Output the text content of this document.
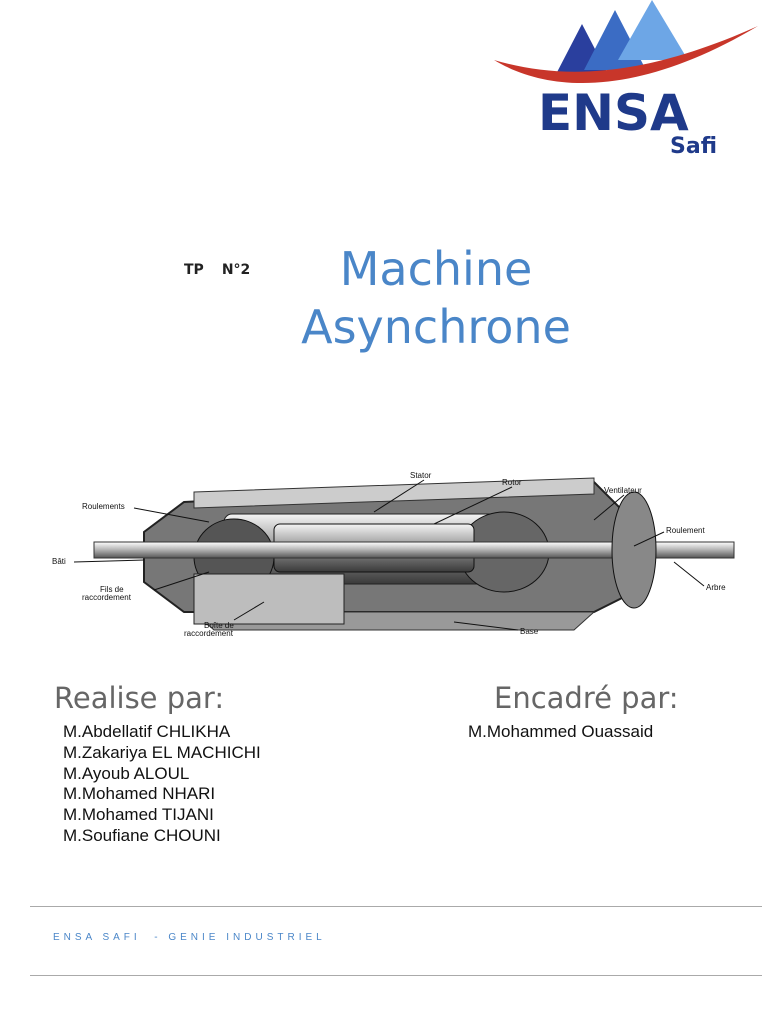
ENSA
Safi
TP N°2	Machine
Asynchrone
Stator
Rotor
Ventilateur
Roulements
Roulement
Bâti
Fils de
raccordement
Arbre
Boîte de
raccordement	Base
Realise par:
M.Abdellatif CHLIKHA
M.Zakariya EL MACHICHI
M.Ayoub ALOUL
M.Mohamed NHARI
M.Mohamed TIJANI
M.Soufiane CHOUNI
Encadré par:
M.Mohammed Ouassaid
ENSA SAFI  - GENIE INDUSTRIEL
